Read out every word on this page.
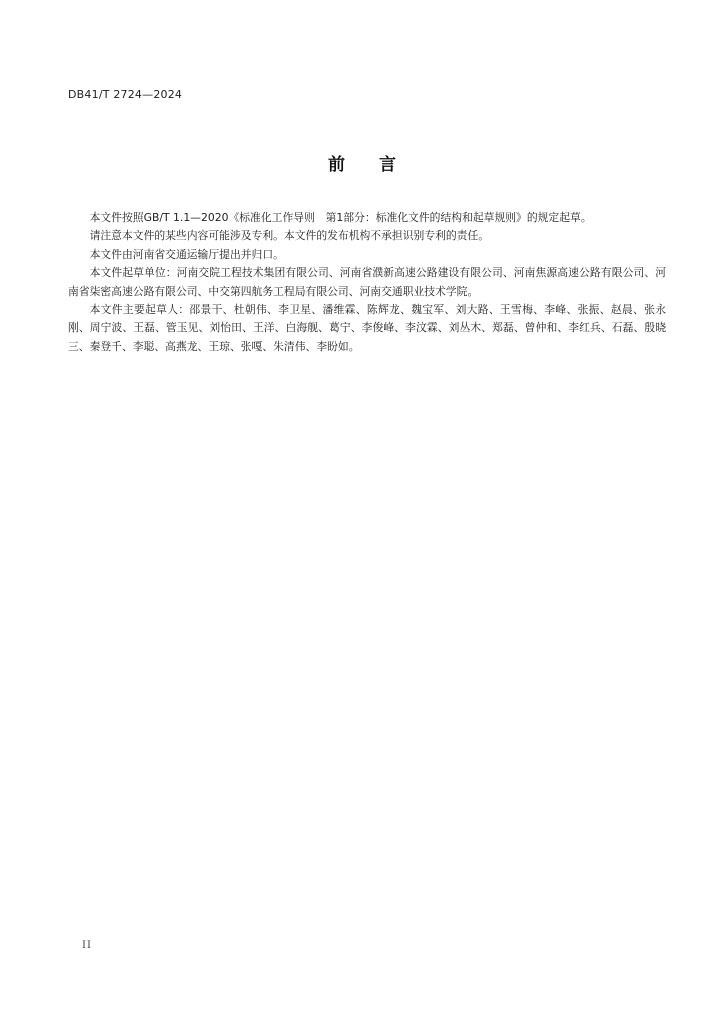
DB41/T 2724—2024
前 言

本文件按照GB/T 1.1—2020《标准化工作导则　第1部分：标准化文件的结构和起草规则》的规定起草。

请注意本文件的某些内容可能涉及专利。本文件的发布机构不承担识别专利的责任。

本文件由河南省交通运输厅提出并归口。

本文件起草单位：河南交院工程技术集团有限公司、河南省濮新高速公路建设有限公司、河南焦源高速公路有限公司、河南省柒密高速公路有限公司、中交第四航务工程局有限公司、河南交通职业技术学院。

本文件主要起草人：邵景干、杜朝伟、李卫星、潘维霖、陈辉龙、魏宝军、刘大路、王雪梅、李峰、张振、赵晨、张永刚、周宁波、王磊、管玉见、刘怡田、王洋、白海舰、葛宁、李俊峰、李汶霖、刘丛木、郑磊、曾仲和、李红兵、石磊、殷晓三、秦登千、李聪、高燕龙、王琼、张嘎、朱清伟、李盼如。

II
